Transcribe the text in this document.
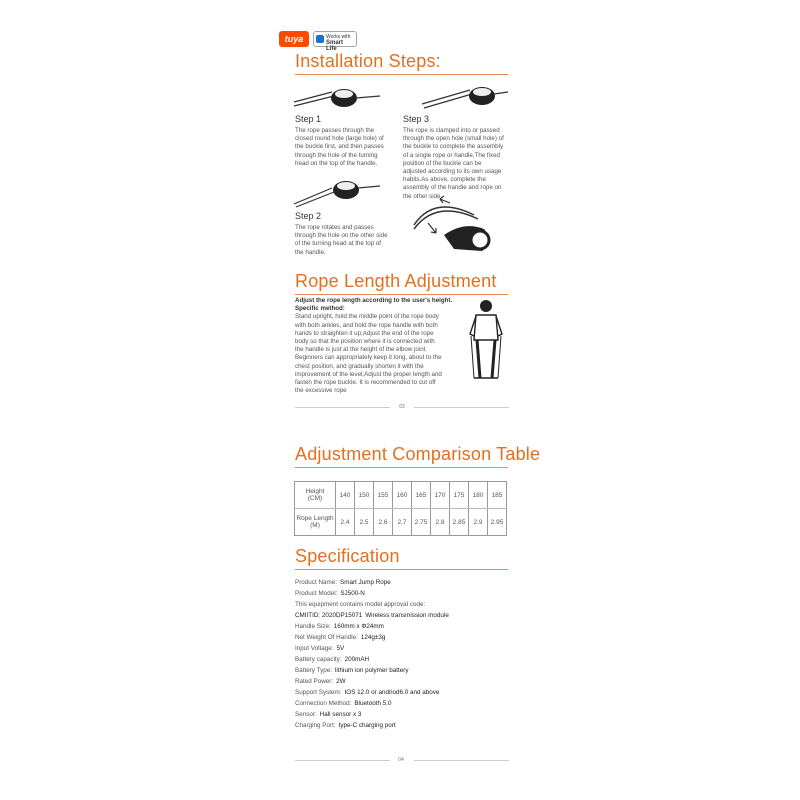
tuya	Works with
Smart Life
Installation Steps:
Step 1
The rope passes through the
closed round hole (large hole) of
the buckle first, and then passes
through the hole of the turning
head on the top of the handle.
Step 3
The rope is clamped into or passed
through the open hole (small hole) of
the buckle to complete the assembly
of a single rope or handle,The fixed
position of the buckle can be
adjusted according to its own usage
habits.As above, complete the
assembly of the handle and rope on
the other side.
Step 2
The rope rotates and passes
through the hole on the other side
of the turning head at the top of
the handle.
Rope Length Adjustment
Adjust the rope length according to the user's height.
Specific method:
Stand upright, hold the middle point of the rope body
with both ankles, and hold the rope handle with both
hands to straighten it up;Adjust the end of the rope
body so that the position where it is connected with
the handle is just at the height of the elbow joint.
Beginners can appropriately keep it long, about to the
chest position, and gradually shorten it with the
improvement of the level;Adjust the proper length and
fasten the rope buckle. It is recommended to cut off
the excessive rope
03
Adjustment Comparison Table
Height
(CM)	140	150	155	160	165	170	175	180	185

Rope Length
(M)	2.4	2.5	2.6	2.7	2.75	2.8	2.85	2.9	2.95
Specification
Product Name: Smart Jump Rope
Product Model: SJ500-N
This equipment contains model approval code:
CMIITID: 2020DP15071 Wireless transmission module
Handle Size: 160mm x Φ24mm
Net Weight Of Handle: 124g±3g
Input Voltage: 5V
Battery capacity: 200mAH
Battery Type: lithium ion polymer battery
Rated Power: 2W
Support System: IOS 12.0 or andriod6.0 and above
Connection Method: Bluetooth 5.0
Sensor: Hall sensor x 3
Charging Port: type-C charging port
04
